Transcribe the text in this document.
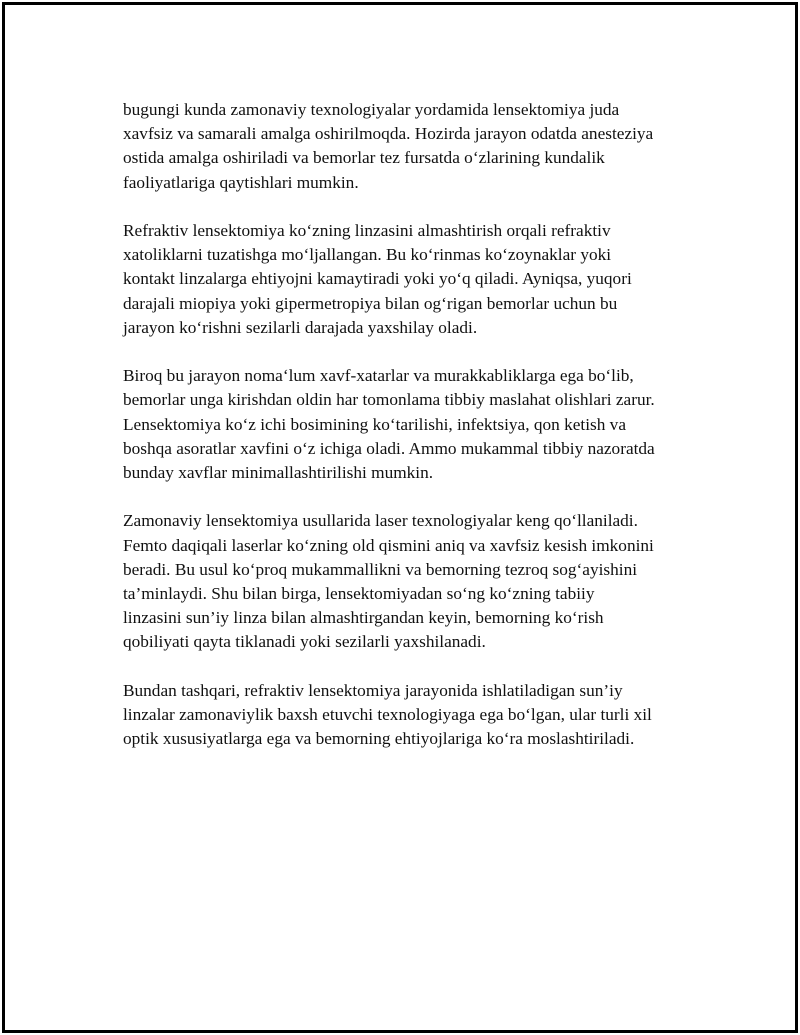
bugungi kunda zamonaviy texnologiyalar yordamida lensektomiya juda
xavfsiz va samarali amalga oshirilmoqda. Hozirda jarayon odatda anesteziya
ostida amalga oshiriladi va bemorlar tez fursatda o‘zlarining kundalik
faoliyatlariga qaytishlari mumkin.

Refraktiv lensektomiya ko‘zning linzasini almashtirish orqali refraktiv
xatoliklarni tuzatishga mo‘ljallangan. Bu ko‘rinmas ko‘zoynaklar yoki
kontakt linzalarga ehtiyojni kamaytiradi yoki yo‘q qiladi. Ayniqsa, yuqori
darajali miopiya yoki gipermetropiya bilan og‘rigan bemorlar uchun bu
jarayon ko‘rishni sezilarli darajada yaxshilay oladi.

Biroq bu jarayon noma‘lum xavf-xatarlar va murakkabliklarga ega bo‘lib,
bemorlar unga kirishdan oldin har tomonlama tibbiy maslahat olishlari zarur.
Lensektomiya ko‘z ichi bosimining ko‘tarilishi, infektsiya, qon ketish va
boshqa asoratlar xavfini o‘z ichiga oladi. Ammo mukammal tibbiy nazoratda
bunday xavflar minimallashtirilishi mumkin.

Zamonaviy lensektomiya usullarida laser texnologiyalar keng qo‘llaniladi.
Femto daqiqali laserlar ko‘zning old qismini aniq va xavfsiz kesish imkonini
beradi. Bu usul ko‘proq mukammallikni va bemorning tezroq sog‘ayishini
ta’minlaydi. Shu bilan birga, lensektomiyadan so‘ng ko‘zning tabiiy
linzasini sun’iy linza bilan almashtirgandan keyin, bemorning ko‘rish
qobiliyati qayta tiklanadi yoki sezilarli yaxshilanadi.

Bundan tashqari, refraktiv lensektomiya jarayonida ishlatiladigan sun’iy
linzalar zamonaviylik baxsh etuvchi texnologiyaga ega bo‘lgan, ular turli xil
optik xususiyatlarga ega va bemorning ehtiyojlariga ko‘ra moslashtiriladi.
